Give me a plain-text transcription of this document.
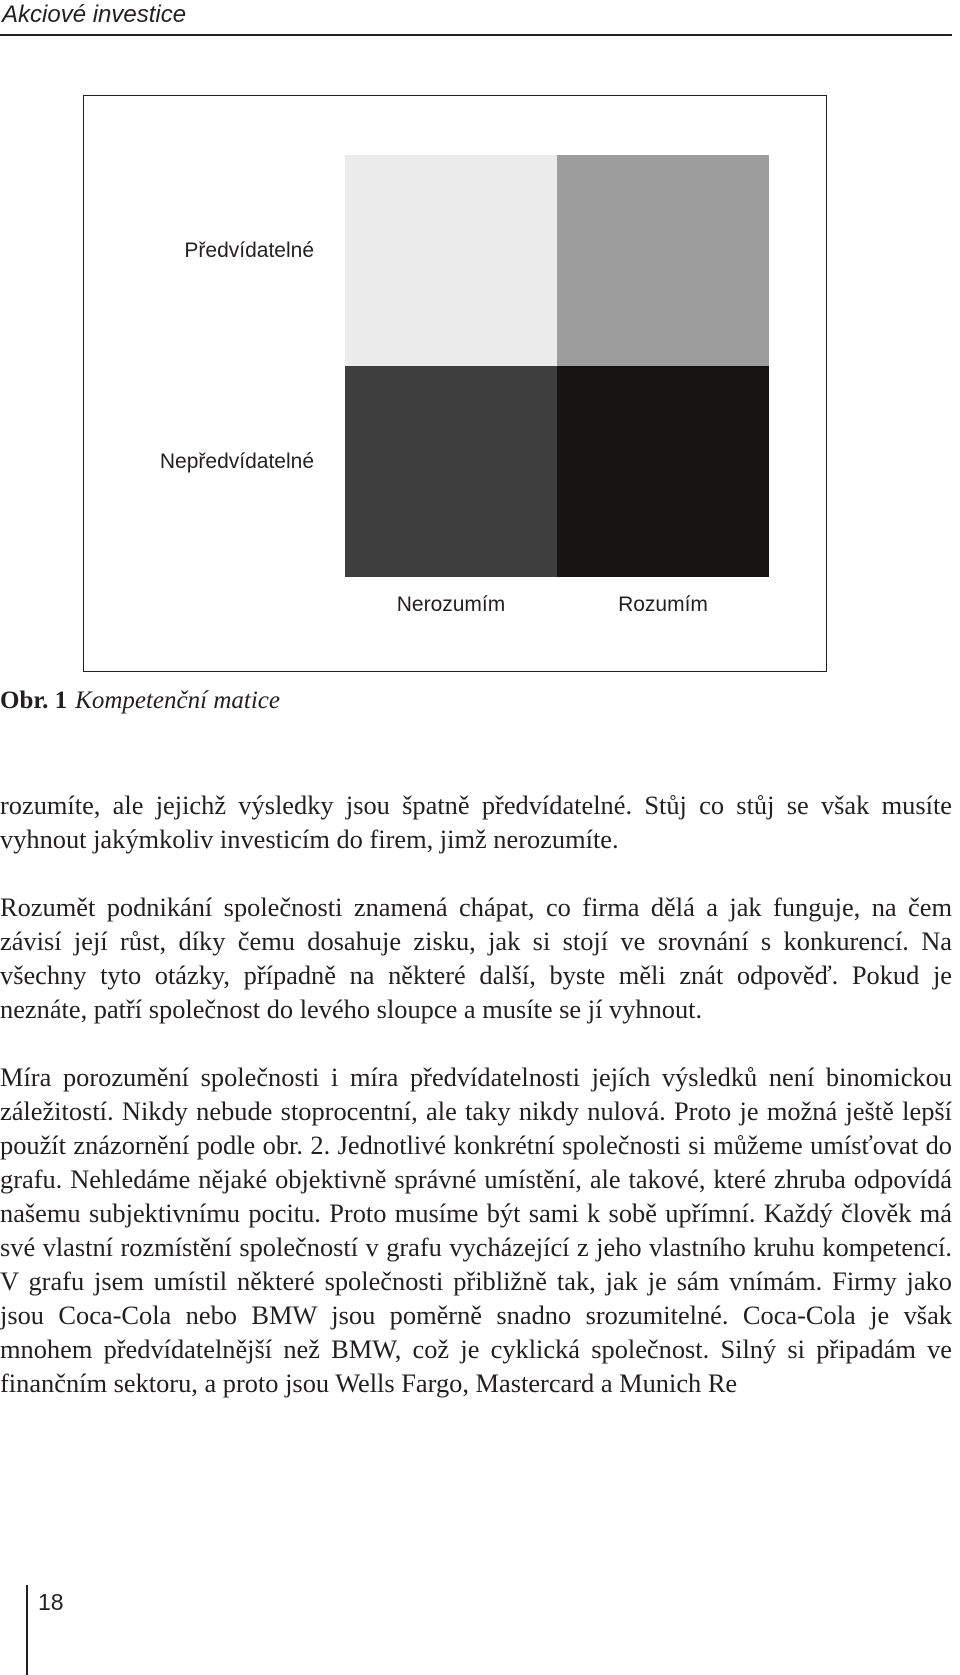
Akciové investice
Předvídatelné
Nepředvídatelné
Nerozumím	Rozumím
Obr. 1 Kompetenční matice

rozumíte, ale jejichž výsledky jsou špatně předvídatelné. Stůj co stůj se však musíte vyhnout jakýmkoliv investicím do firem, jimž nerozumíte.

Rozumět podnikání společnosti znamená chápat, co firma dělá a jak funguje, na čem závisí její růst, díky čemu dosahuje zisku, jak si stojí ve srovnání s konkurencí. Na všechny tyto otázky, případně na některé další, byste měli znát odpověď. Pokud je neznáte, patří společnost do levého sloupce a musíte se jí vyhnout.

Míra porozumění společnosti i míra předvídatelnosti jejích výsledků není binomickou záležitostí. Nikdy nebude stoprocentní, ale taky nikdy nulová. Proto je možná ještě lepší použít znázornění podle obr. 2. Jednotlivé konkrétní společnosti si můžeme umísťovat do grafu. Nehledáme nějaké objektivně správné umístění, ale takové, které zhruba odpovídá našemu subjektivnímu pocitu. Proto musíme být sami k sobě upřímní. Každý člověk má své vlastní rozmístění společností v grafu vycházející z jeho vlastního kruhu kompetencí. V grafu jsem umístil některé společnosti přibližně tak, jak je sám vnímám. Firmy jako jsou Coca-Cola nebo BMW jsou poměrně snadno srozumitelné. Coca-Cola je však mnohem předvídatelnější než BMW, což je cyklická společnost. Silný si připadám ve finančním sektoru, a proto jsou Wells Fargo, Mastercard a Munich Re

18
